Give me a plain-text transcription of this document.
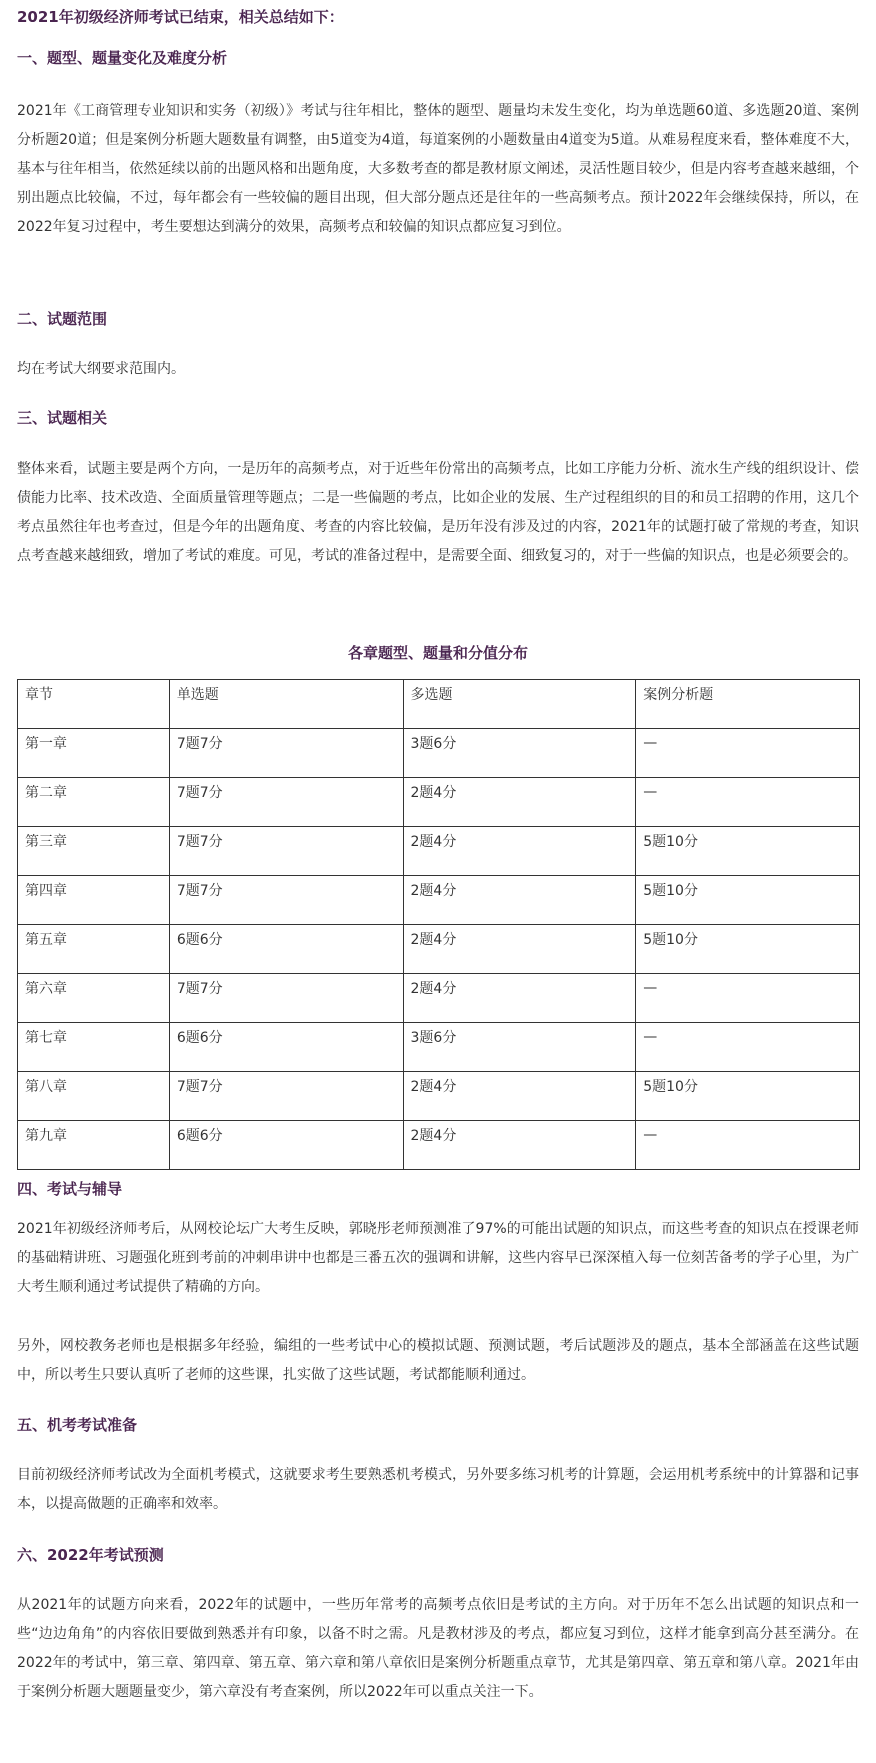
2021年初级经济师考试已结束，相关总结如下：

一、题型、题量变化及难度分析

2021年《工商管理专业知识和实务（初级）》考试与往年相比，整体的题型、题量均未发生变化，均为单选题60道、多选题20道、案例分析题20道；但是案例分析题大题数量有调整，由5道变为4道，每道案例的小题数量由4道变为5道。从难易程度来看，整体难度不大，基本与往年相当，依然延续以前的出题风格和出题角度，大多数考查的都是教材原文阐述，灵活性题目较少，但是内容考查越来越细，个别出题点比较偏，不过，每年都会有一些较偏的题目出现，但大部分题点还是往年的一些高频考点。预计2022年会继续保持，所以，在2022年复习过程中，考生要想达到满分的效果，高频考点和较偏的知识点都应复习到位。

二、试题范围

均在考试大纲要求范围内。

三、试题相关

整体来看，试题主要是两个方向，一是历年的高频考点，对于近些年份常出的高频考点，比如工序能力分析、流水生产线的组织设计、偿债能力比率、技术改造、全面质量管理等题点；二是一些偏题的考点，比如企业的发展、生产过程组织的目的和员工招聘的作用，这几个考点虽然往年也考查过，但是今年的出题角度、考查的内容比较偏，是历年没有涉及过的内容，2021年的试题打破了常规的考查，知识点考查越来越细致，增加了考试的难度。可见，考试的准备过程中，是需要全面、细致复习的，对于一些偏的知识点，也是必须要会的。

各章题型、题量和分值分布

章节	单选题	多选题	案例分析题
第一章	7题7分	3题6分	—
第二章	7题7分	2题4分	—
第三章	7题7分	2题4分	5题10分
第四章	7题7分	2题4分	5题10分
第五章	6题6分	2题4分	5题10分
第六章	7题7分	2题4分	—
第七章	6题6分	3题6分	—
第八章	7题7分	2题4分	5题10分
第九章	6题6分	2题4分	—

四、考试与辅导

2021年初级经济师考后，从网校论坛广大考生反映，郭晓彤老师预测准了97%的可能出试题的知识点，而这些考查的知识点在授课老师的基础精讲班、习题强化班到考前的冲刺串讲中也都是三番五次的强调和讲解，这些内容早已深深植入每一位刻苦备考的学子心里，为广大考生顺利通过考试提供了精确的方向。

另外，网校教务老师也是根据多年经验，编组的一些考试中心的模拟试题、预测试题，考后试题涉及的题点，基本全部涵盖在这些试题中，所以考生只要认真听了老师的这些课，扎实做了这些试题，考试都能顺利通过。

五、机考考试准备

目前初级经济师考试改为全面机考模式，这就要求考生要熟悉机考模式，另外要多练习机考的计算题，会运用机考系统中的计算器和记事本，以提高做题的正确率和效率。

六、2022年考试预测

从2021年的试题方向来看，2022年的试题中，一些历年常考的高频考点依旧是考试的主方向。对于历年不怎么出试题的知识点和一些“边边角角”的内容依旧要做到熟悉并有印象，以备不时之需。凡是教材涉及的考点，都应复习到位，这样才能拿到高分甚至满分。在2022年的考试中，第三章、第四章、第五章、第六章和第八章依旧是案例分析题重点章节，尤其是第四章、第五章和第八章。2021年由于案例分析题大题题量变少，第六章没有考查案例，所以2022年可以重点关注一下。
